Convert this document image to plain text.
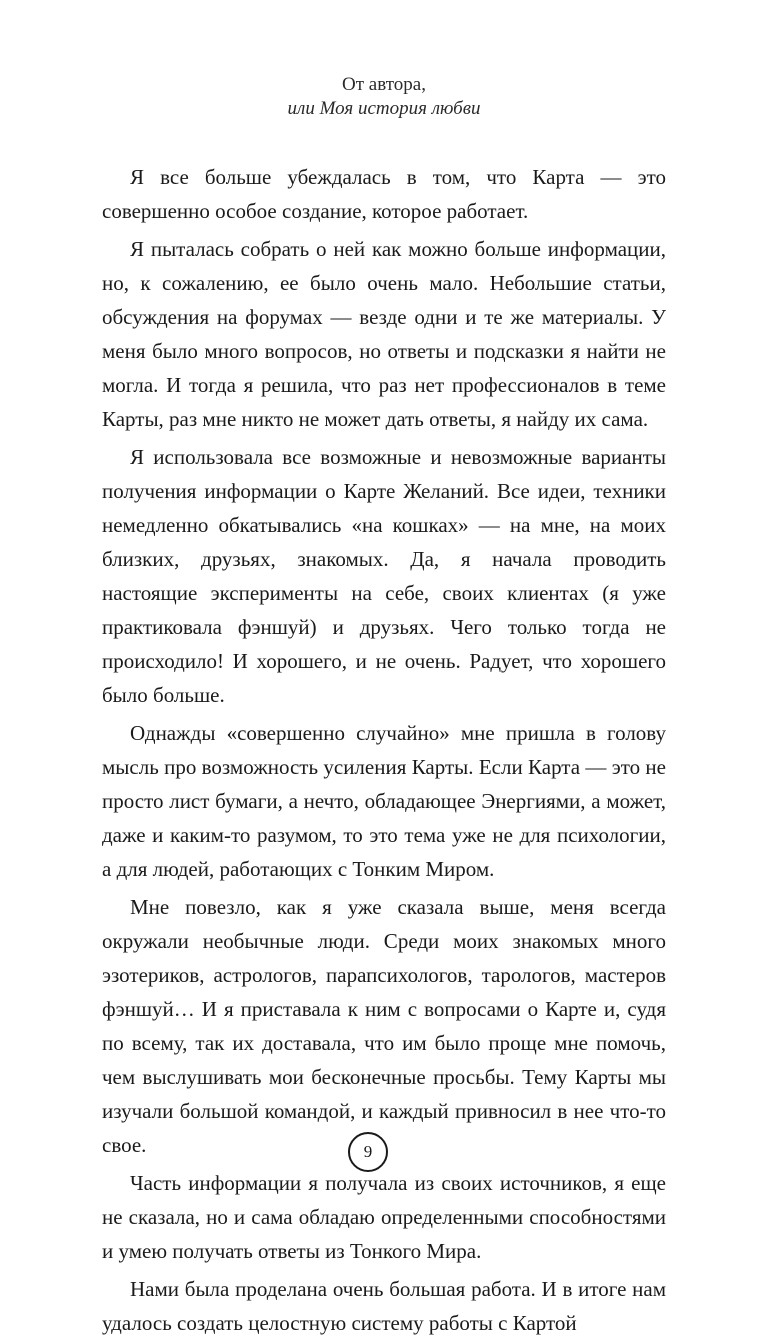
От автора,
или Моя история любви

Я все больше убеждалась в том, что Карта — это совершенно особое создание, которое работает.

Я пыталась собрать о ней как можно больше информации, но, к сожалению, ее было очень мало. Небольшие статьи, обсуждения на форумах — везде одни и те же материалы. У меня было много вопросов, но ответы и подсказки я найти не могла. И тогда я решила, что раз нет профессионалов в теме Карты, раз мне никто не может дать ответы, я найду их сама.

Я использовала все возможные и невозможные варианты получения информации о Карте Желаний. Все идеи, техники немедленно обкатывались «на кошках» — на мне, на моих близких, друзьях, знакомых. Да, я начала проводить настоящие эксперименты на себе, своих клиентах (я уже практиковала фэншуй) и друзьях. Чего только тогда не происходило! И хорошего, и не очень. Радует, что хорошего было больше.

Однажды «совершенно случайно» мне пришла в голову мысль про возможность усиления Карты. Если Карта — это не просто лист бумаги, а нечто, обладающее Энергиями, а может, даже и каким-то разумом, то это тема уже не для психологии, а для людей, работающих с Тонким Миром.

Мне повезло, как я уже сказала выше, меня всегда окружали необычные люди. Среди моих знакомых много эзотериков, астрологов, парапсихологов, тарологов, мастеров фэншуй… И я приставала к ним с вопросами о Карте и, судя по всему, так их доставала, что им было проще мне помочь, чем выслушивать мои бесконечные просьбы. Тему Карты мы изучали большой командой, и каждый привносил в нее что-то свое.

Часть информации я получала из своих источников, я еще не сказала, но и сама обладаю определенными способностями и умею получать ответы из Тонкого Мира.

Нами была проделана очень большая работа. И в итоге нам удалось создать целостную систему работы с Картой

9
